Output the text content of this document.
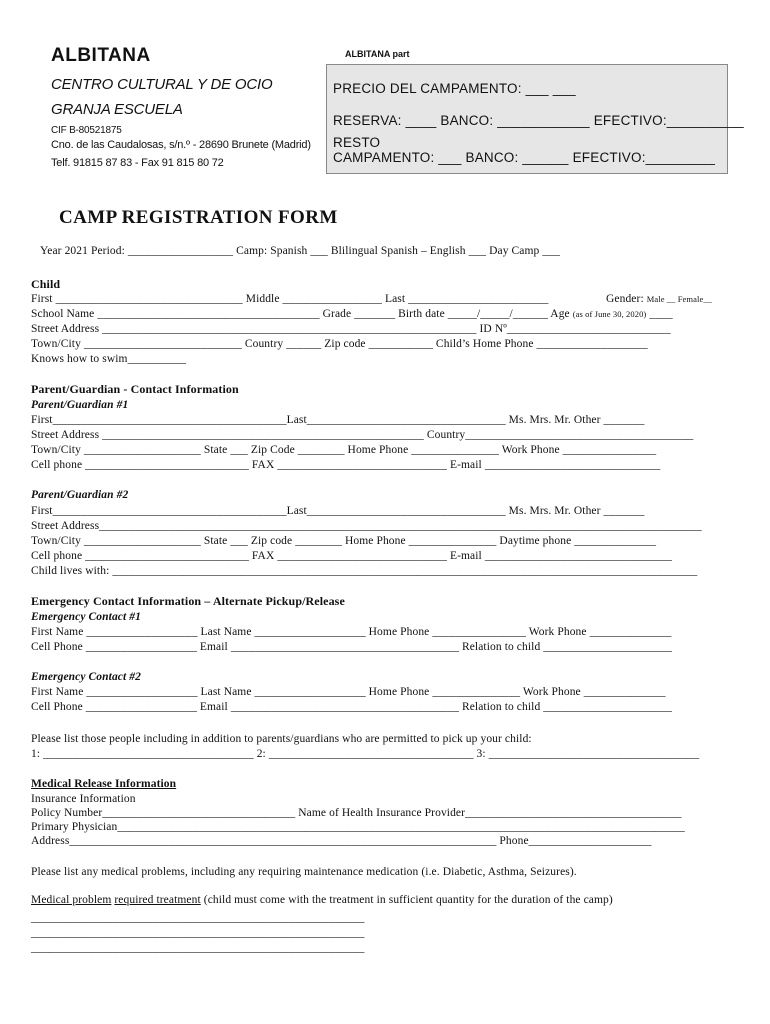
ALBITANA
CENTRO CULTURAL Y DE OCIO
GRANJA ESCUELA
CIF B-80521875
Cno. de las Caudalosas, s/n.º - 28690 Brunete (Madrid)
Telf. 91815 87 83 - Fax 91 815 80 72
ALBITANA part
PRECIO DEL CAMPAMENTO: ___ ___
RESERVA: ____ BANCO: ____________ EFECTIVO:__________
RESTO
CAMPAMENTO: ___ BANCO: ______ EFECTIVO:_________
CAMP REGISTRATION FORM
Year 2021 Period: __________________ Camp: Spanish ___ Blilingual Spanish – English ___ Day Camp ___
Child
First ________________________________ Middle _________________ Last ________________________	Gender: Male __ Female__
School Name ______________________________________ Grade _______ Birth date _____/_____/______ Age (as of June 30, 2020) ____
Street Address ________________________________________________________________ ID Nº____________________________
Town/City ___________________________ Country ______ Zip code ___________ Child’s Home Phone ___________________
Knows how to swim__________
Parent/Guardian - Contact Information
Parent/Guardian #1
First________________________________________Last__________________________________ Ms. Mrs. Mr. Other _______
Street Address _______________________________________________________ Country_______________________________________
Town/City ____________________ State ___ Zip Code ________ Home Phone _______________ Work Phone ________________
Cell phone ____________________________ FAX _____________________________ E-mail ______________________________
Parent/Guardian #2
First________________________________________Last__________________________________ Ms. Mrs. Mr. Other _______
Street Address_______________________________________________________________________________________________________
Town/City ____________________ State ___ Zip code ________ Home Phone _______________ Daytime phone ______________
Cell phone ____________________________ FAX _____________________________ E-mail ________________________________
Child lives with: ____________________________________________________________________________________________________
Emergency Contact Information – Alternate Pickup/Release
Emergency Contact #1
First Name ___________________ Last Name ___________________ Home Phone ________________ Work Phone ______________
Cell Phone ___________________ Email _______________________________________ Relation to child ______________________
Emergency Contact #2
First Name ___________________ Last Name ___________________ Home Phone _______________ Work Phone ______________
Cell Phone ___________________ Email _______________________________________ Relation to child ______________________
Please list those people including in addition to parents/guardians who are permitted to pick up your child:
1: ____________________________________ 2: ___________________________________ 3: ____________________________________
Medical Release Information
Insurance Information
Policy Number_________________________________ Name of Health Insurance Provider_____________________________________
Primary Physician_________________________________________________________________________________________________
Address_________________________________________________________________________ Phone_____________________
Please list any medical problems, including any requiring maintenance medication (i.e. Diabetic, Asthma, Seizures).
Medical problem required treatment (child must come with the treatment in sufficient quantity for the duration of the camp)
_________________________________________________________
_________________________________________________________
_________________________________________________________
